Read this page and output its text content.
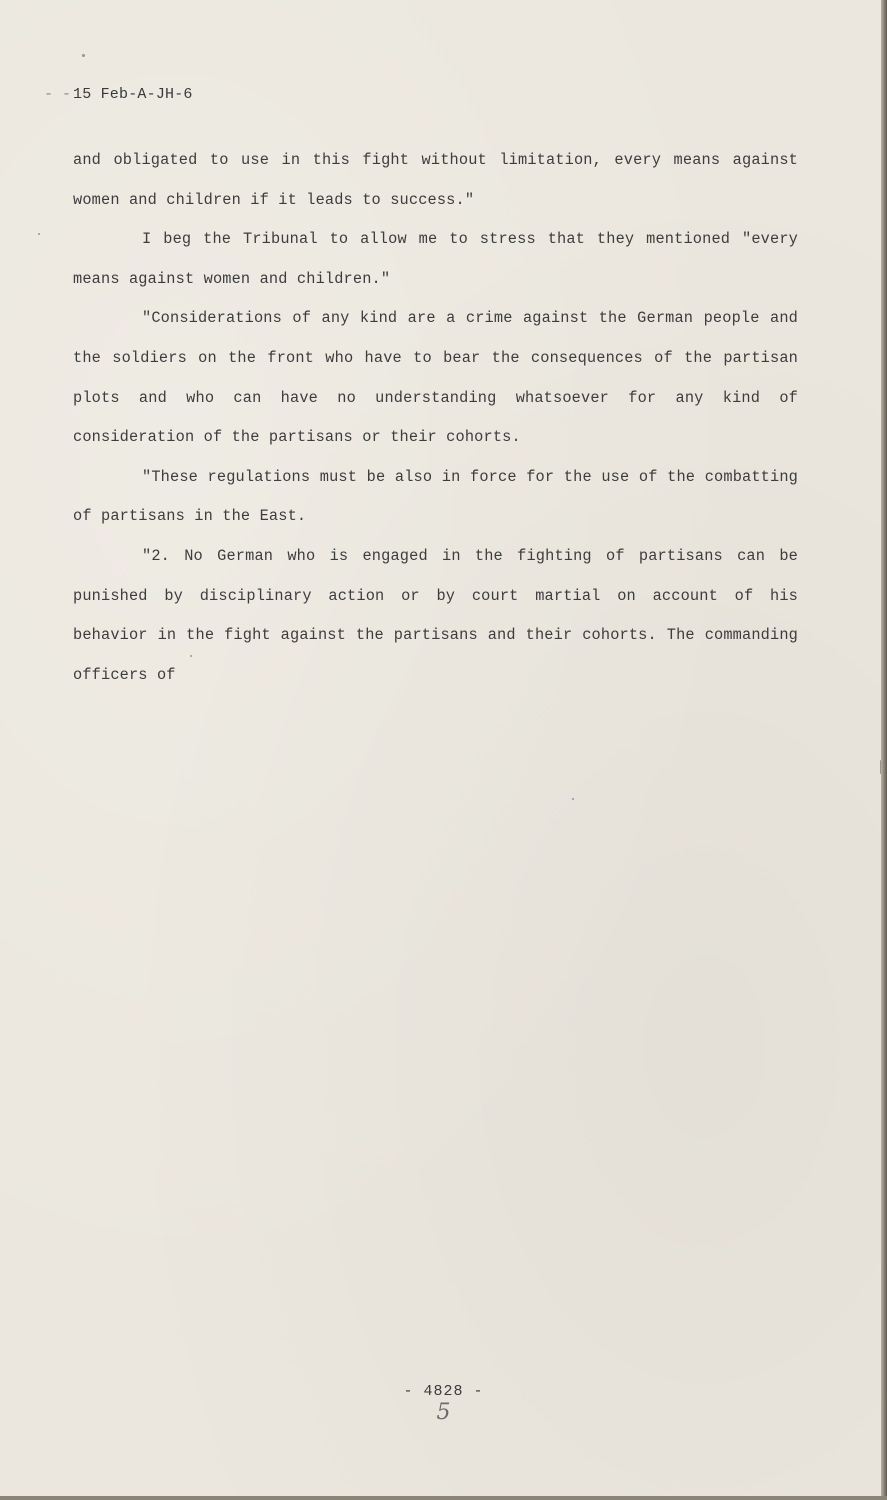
- - 15 Feb-A-JH-6

and obligated to use in this fight without limitation, every means against women and children if it leads to success."

I beg the Tribunal to allow me to stress that they mentioned "every means against women and children."

"Considerations of any kind are a crime against the German people and the soldiers on the front who have to bear the consequences of the partisan plots and who can have no understanding whatsoever for any kind of consideration of the partisans or their cohorts.

"These regulations must be also in force for the use of the combatting of partisans in the East.

"2. No German who is engaged in the fighting of partisans can be punished by disciplinary action or by court martial on account of his behavior in the fight against the partisans and their cohorts. The commanding officers of

- 4828 -
5
